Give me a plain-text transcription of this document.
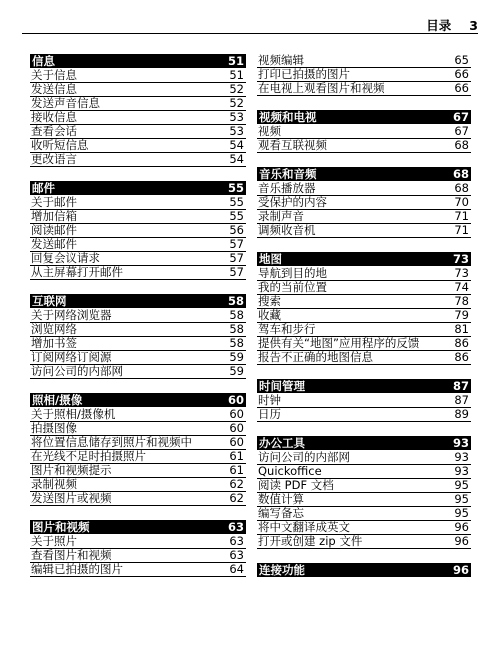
目录 3
信息	51
关于信息	51
发送信息	52
发送声音信息	52
接收信息	53
查看会话	53
收听短信息	54
更改语言	54
邮件	55
关于邮件	55
增加信箱	55
阅读邮件	56
发送邮件	57
回复会议请求	57
从主屏幕打开邮件	57
互联网	58
关于网络浏览器	58
浏览网络	58
增加书签	58
订阅网络订阅源	59
访问公司的内部网	59
照相/摄像	60
关于照相/摄像机	60
拍摄图像	60
将位置信息储存到照片和视频中	60
在光线不足时拍摄照片	61
图片和视频提示	61
录制视频	62
发送图片或视频	62
图片和视频	63
关于照片	63
查看图片和视频	63
编辑已拍摄的图片	64
视频编辑	65
打印已拍摄的图片	66
在电视上观看图片和视频	66
视频和电视	67
视频	67
观看互联视频	68
音乐和音频	68
音乐播放器	68
受保护的内容	70
录制声音	71
调频收音机	71
地图	73
导航到目的地	73
我的当前位置	74
搜索	78
收藏	79
驾车和步行	81
提供有关“地图”应用程序的反馈	86
报告不正确的地图信息	86
时间管理	87
时钟	87
日历	89
办公工具	93
访问公司的内部网	93
Quickoffice	93
阅读 PDF 文档	95
数值计算	95
编写备忘	95
将中文翻译成英文	96
打开或创建 zip 文件	96
连接功能	96
